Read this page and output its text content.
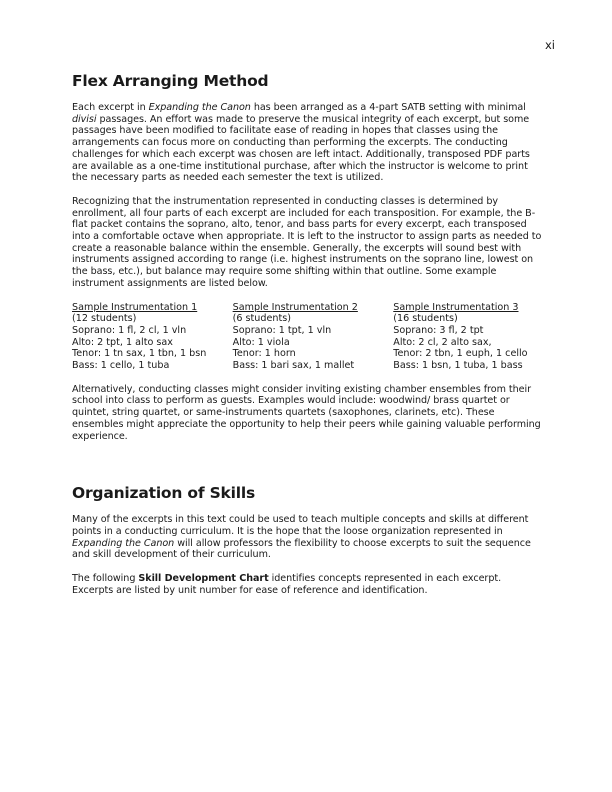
xi
Flex Arranging Method

Each excerpt in Expanding the Canon has been arranged as a 4-part SATB setting with minimal divisi passages. An effort was made to preserve the musical integrity of each excerpt, but some passages have been modified to facilitate ease of reading in hopes that classes using the arrangements can focus more on conducting than performing the excerpts. The conducting challenges for which each excerpt was chosen are left intact. Additionally, transposed PDF parts are available as a one-time institutional purchase, after which the instructor is welcome to print the necessary parts as needed each semester the text is utilized.

Recognizing that the instrumentation represented in conducting classes is determined by enrollment, all four parts of each excerpt are included for each transposition. For example, the B-flat packet contains the soprano, alto, tenor, and bass parts for every excerpt, each transposed into a comfortable octave when appropriate. It is left to the instructor to assign parts as needed to create a reasonable balance within the ensemble. Generally, the excerpts will sound best with instruments assigned according to range (i.e. highest instruments on the soprano line, lowest on the bass, etc.), but balance may require some shifting within that outline. Some example instrument assignments are listed below.

Sample Instrumentation 1
(12 students)
Soprano: 1 fl, 2 cl, 1 vln
Alto: 2 tpt, 1 alto sax
Tenor: 1 tn sax, 1 tbn, 1 bsn
Bass: 1 cello, 1 tuba
Sample Instrumentation 2
(6 students)
Soprano: 1 tpt, 1 vln
Alto: 1 viola
Tenor: 1 horn
Bass: 1 bari sax, 1 mallet
Sample Instrumentation 3
(16 students)
Soprano: 3 fl, 2 tpt
Alto: 2 cl, 2 alto sax,
Tenor: 2 tbn, 1 euph, 1 cello
Bass: 1 bsn, 1 tuba, 1 bass

Alternatively, conducting classes might consider inviting existing chamber ensembles from their school into class to perform as guests. Examples would include: woodwind/ brass quartet or quintet, string quartet, or same-instruments quartets (saxophones, clarinets, etc). These ensembles might appreciate the opportunity to help their peers while gaining valuable performing experience.

Organization of Skills

Many of the excerpts in this text could be used to teach multiple concepts and skills at different points in a conducting curriculum. It is the hope that the loose organization represented in Expanding the Canon will allow professors the flexibility to choose excerpts to suit the sequence and skill development of their curriculum.

The following Skill Development Chart identifies concepts represented in each excerpt. Excerpts are listed by unit number for ease of reference and identification.
